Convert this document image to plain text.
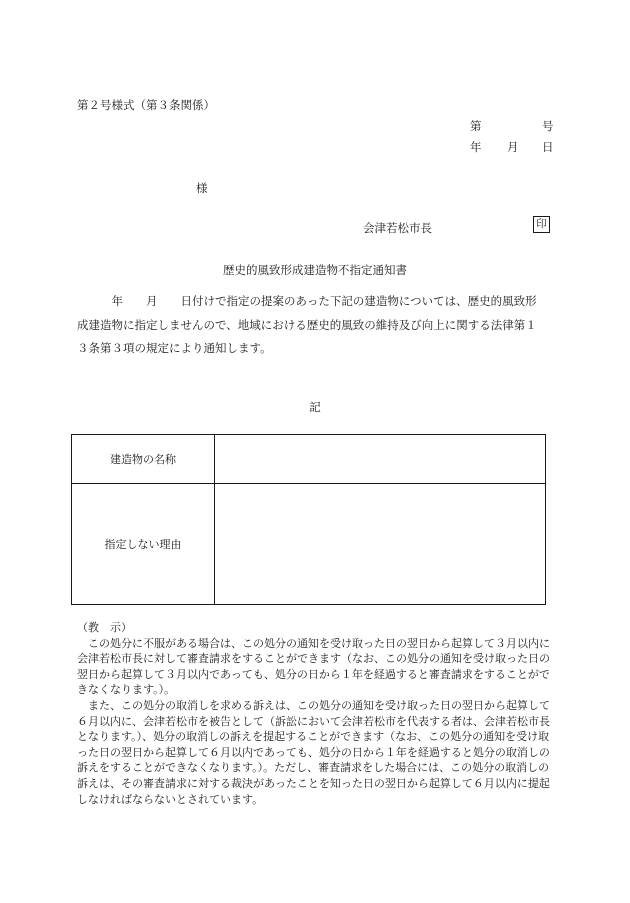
第２号様式（第３条関係）
第	号
年 月 日
様
会津若松市長	印
歴史的風致形成建造物不指定通知書

　　　年　　月　　日付けで指定の提案のあった下記の建造物については、歴史的風致形

成建造物に指定しませんので、地域における歴史的風致の維持及び向上に関する法律第１

３条第３項の規定により通知します。

記
建造物の名称	
指定しない理由	

（教　示）

　この処分に不服がある場合は、この処分の通知を受け取った日の翌日から起算して３月以内に会津若松市長に対して審査請求をすることができます（なお、この処分の通知を受け取った日の翌日から起算して３月以内であっても、処分の日から１年を経過すると審査請求をすることができなくなります。）。

　また、この処分の取消しを求める訴えは、この処分の通知を受け取った日の翌日から起算して６月以内に、会津若松市を被告として（訴訟において会津若松市を代表する者は、会津若松市長となります。）、処分の取消しの訴えを提起することができます（なお、この処分の通知を受け取った日の翌日から起算して６月以内であっても、処分の日から１年を経過すると処分の取消しの訴えをすることができなくなります。）。ただし、審査請求をした場合には、この処分の取消しの訴えは、その審査請求に対する裁決があったことを知った日の翌日から起算して６月以内に提起しなければならないとされています。
